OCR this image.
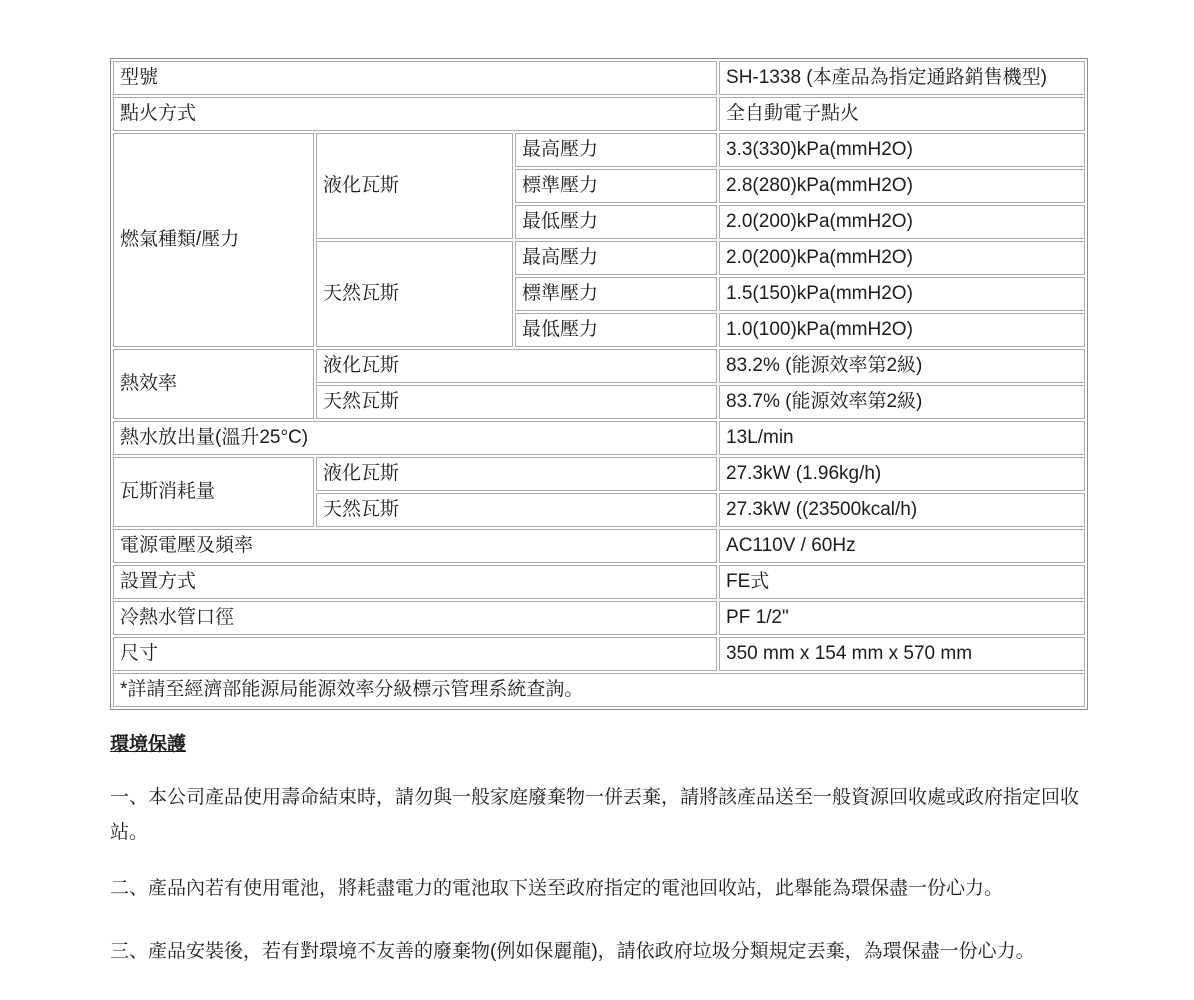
型號			SH-1338 (本產品為指定通路銷售機型)
點火方式			全自動電子點火
燃氣種類/壓力	液化瓦斯	最高壓力	3.3(330)kPa(mmH2O)
		標準壓力	2.8(280)kPa(mmH2O)
		最低壓力	2.0(200)kPa(mmH2O)
	天然瓦斯	最高壓力	2.0(200)kPa(mmH2O)
		標準壓力	1.5(150)kPa(mmH2O)
		最低壓力	1.0(100)kPa(mmH2O)
熱效率	液化瓦斯		83.2% (能源效率第2級)
	天然瓦斯		83.7% (能源效率第2級)
熱水放出量(溫升25°C)			13L/min
瓦斯消耗量	液化瓦斯		27.3kW (1.96kg/h)
	天然瓦斯		27.3kW ((23500kcal/h)
電源電壓及頻率			AC110V / 60Hz
設置方式			FE式
冷熱水管口徑			PF 1/2"
尺寸			350 mm x 154 mm x 570 mm
*詳請至經濟部能源局能源效率分級標示管理系統查詢。			
環境保護

一、本公司產品使用壽命結束時，請勿與一般家庭廢棄物一併丟棄，請將該產品送至一般資源回收處或政府指定回收站。

二、產品內若有使用電池，將耗盡電力的電池取下送至政府指定的電池回收站，此舉能為環保盡一份心力。

三、產品安裝後，若有對環境不友善的廢棄物(例如保麗龍)，請依政府垃圾分類規定丟棄，為環保盡一份心力。
